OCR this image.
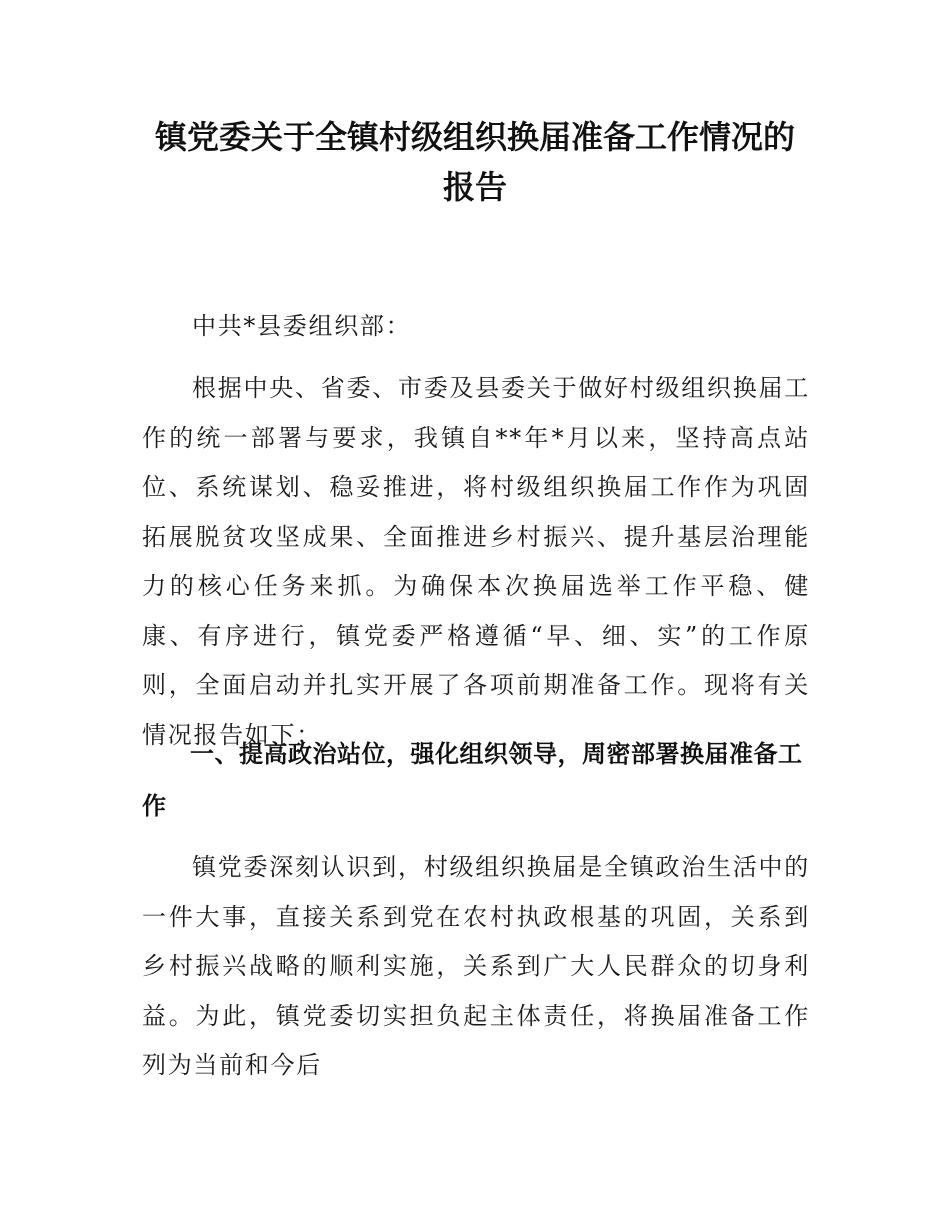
镇党委关于全镇村级组织换届准备工作情况的报告

中共*县委组织部：

根据中央、省委、市委及县委关于做好村级组织换届工作的统一部署与要求，我镇自**年*月以来，坚持高点站位、系统谋划、稳妥推进，将村级组织换届工作作为巩固拓展脱贫攻坚成果、全面推进乡村振兴、提升基层治理能力的核心任务来抓。为确保本次换届选举工作平稳、健康、有序进行，镇党委严格遵循“早、细、实”的工作原则，全面启动并扎实开展了各项前期准备工作。现将有关情况报告如下：

一、提高政治站位，强化组织领导，周密部署换届准备工作

镇党委深刻认识到，村级组织换届是全镇政治生活中的一件大事，直接关系到党在农村执政根基的巩固，关系到乡村振兴战略的顺利实施，关系到广大人民群众的切身利益。为此，镇党委切实担负起主体责任，将换届准备工作列为当前和今后
